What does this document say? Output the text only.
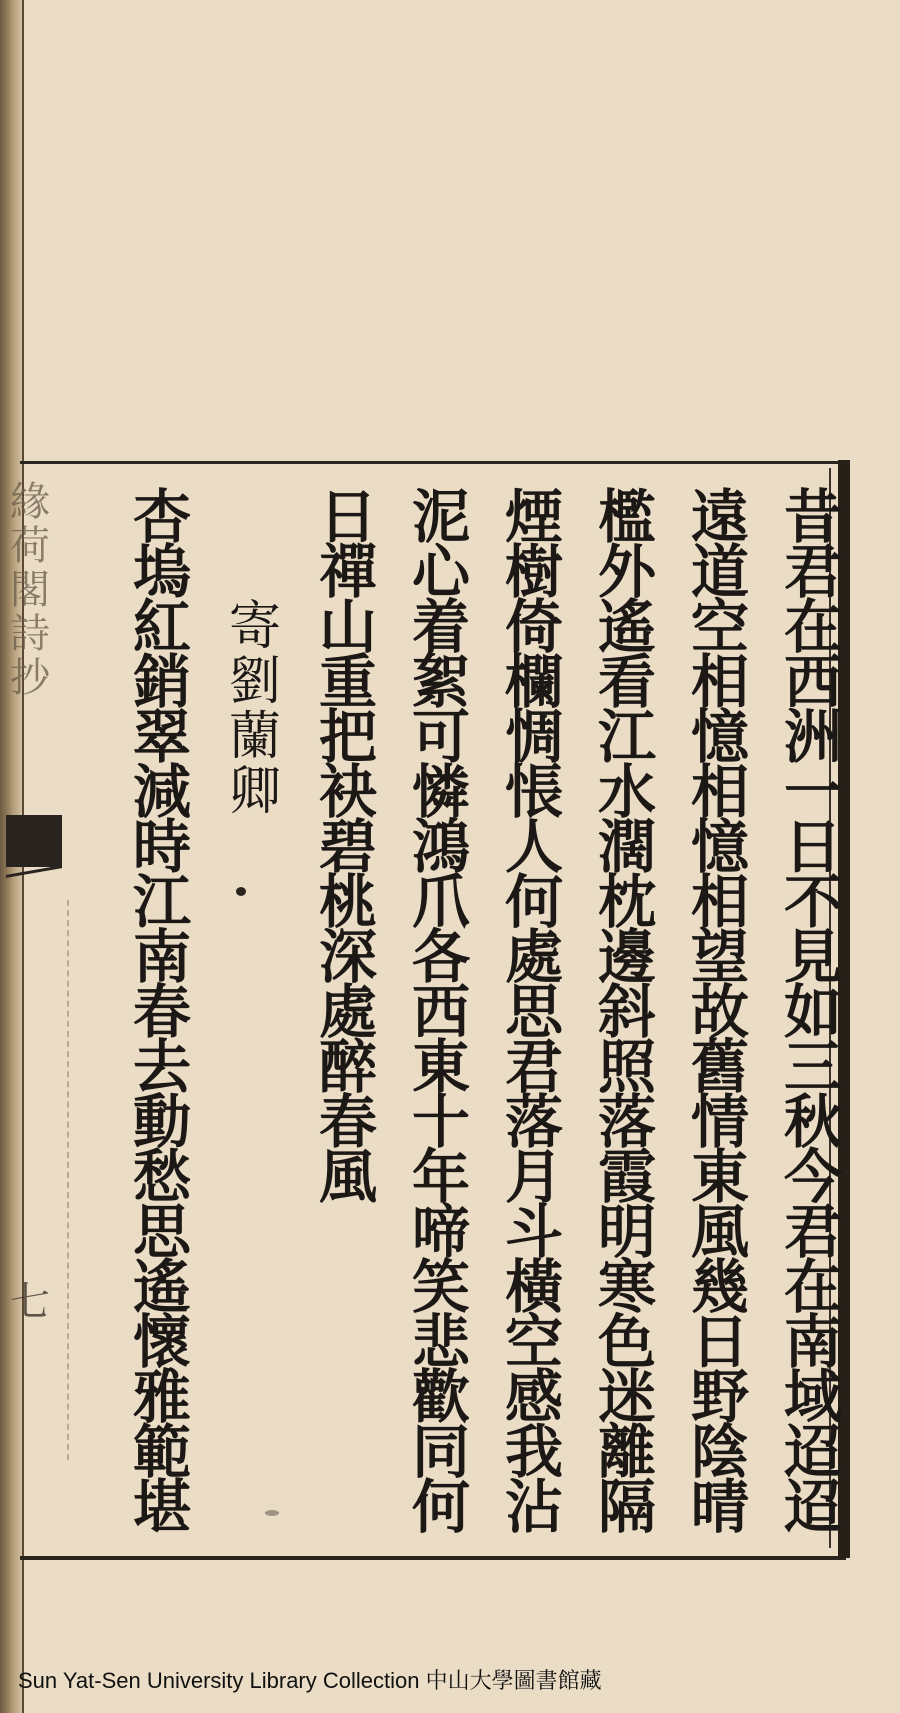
緣
荷
閣
詩
抄
七
昔
君
在
西
洲
一
日
不
見
如
三
秋
今
君
在
南
域
迢
迢
遠
道
空
相
憶
相
憶
相
望
故
舊
情
東
風
幾
日
野
陰
晴
檻
外
遙
看
江
水
濶
枕
邊
斜
照
落
霞
明
寒
色
迷
離
隔
煙
樹
倚
欄
惆
悵
人
何
處
思
君
落
月
斗
橫
空
感
我
沾
泥
心
着
絮
可
憐
鴻
爪
各
西
東
十
年
啼
笑
悲
歡
同
何
日
禪
山
重
把
袂
碧
桃
深
處
醉
春
風
寄
劉
蘭
卿
杏
塢
紅
銷
翠
減
時
江
南
春
去
動
愁
思
遙
懷
雅
範
堪
Sun Yat-Sen University Library Collection 中山大學圖書館藏
